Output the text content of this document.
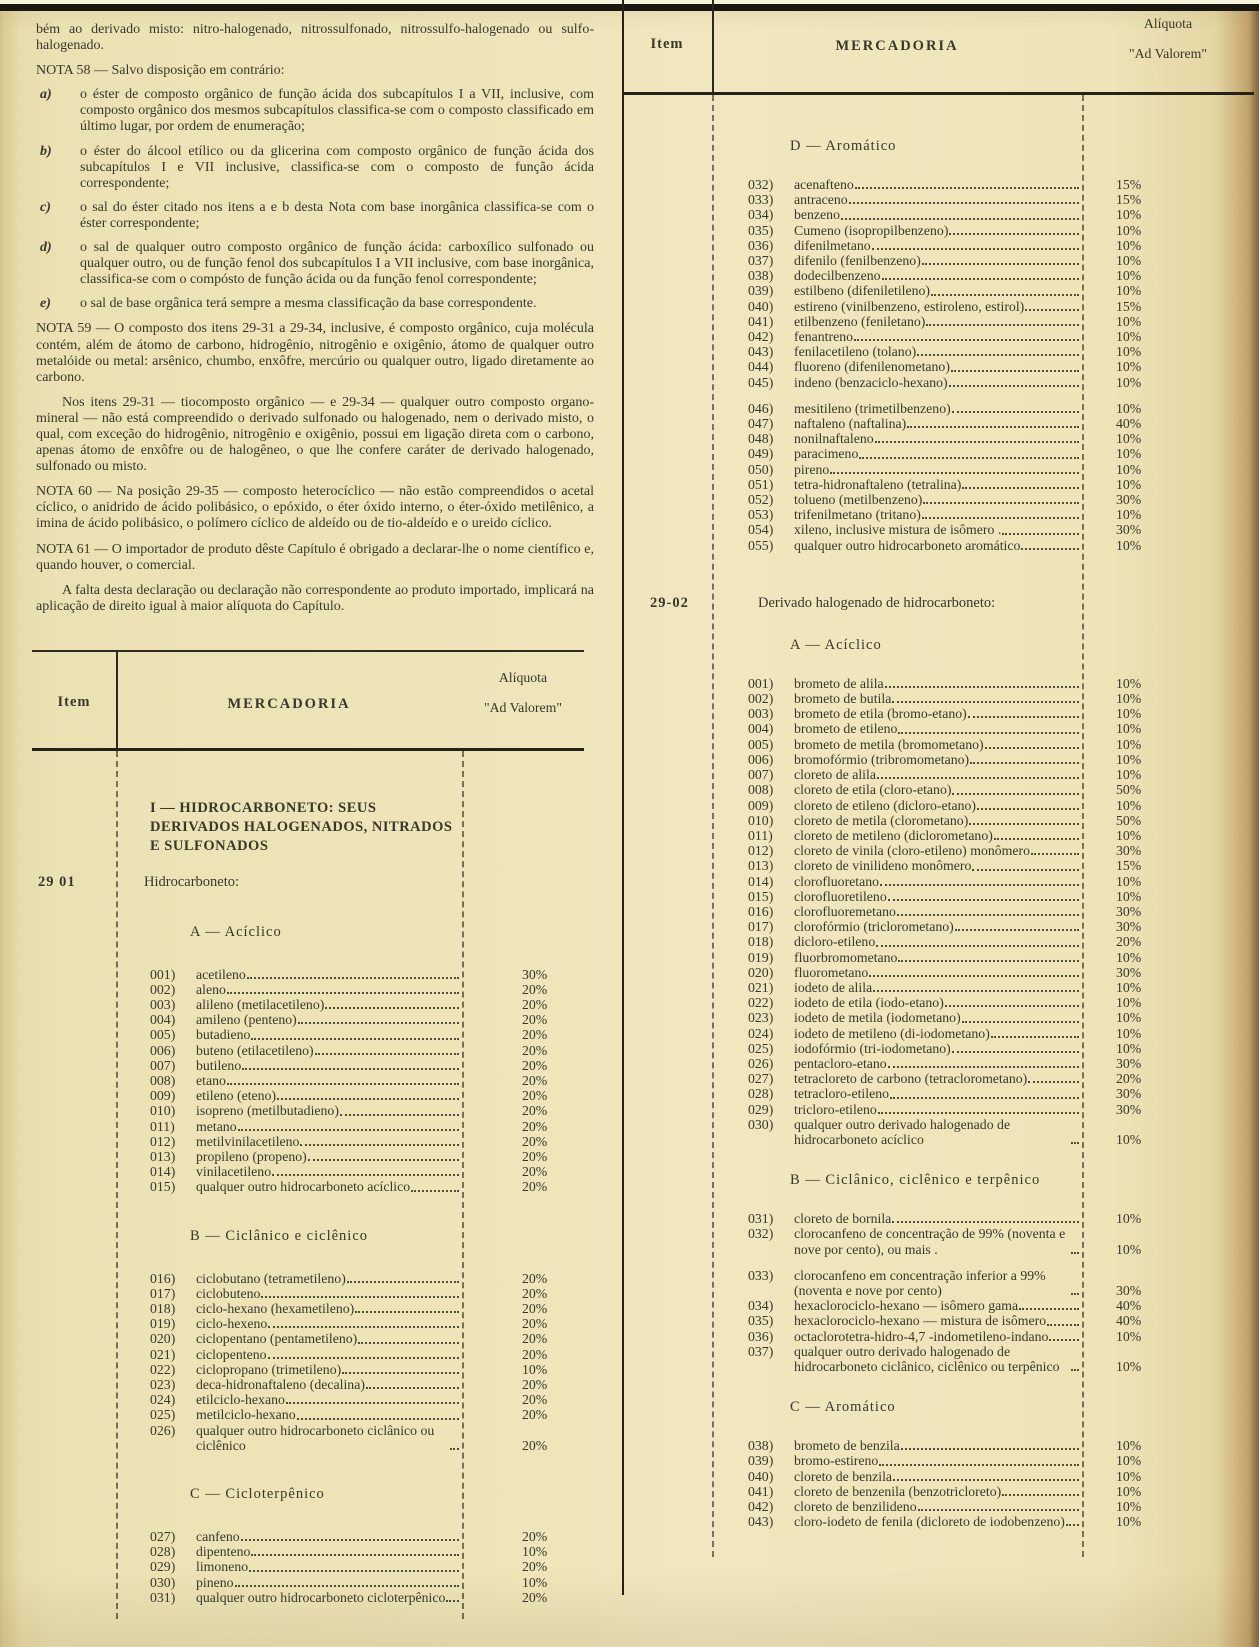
bém ao derivado misto: nitro-halogenado, nitrossulfonado, nitrossulfo-halogenado ou sulfo-halogenado.

NOTA 58 — Salvo disposição em contrário:

a)	o éster de composto orgânico de função ácida dos subcapítulos I a VII, inclusive, com composto orgânico dos mesmos subcapítulos classifica-se com o composto classificado em último lugar, por ordem de enumeração;
b)	o éster do álcool etílico ou da glicerina com composto orgânico de função ácida dos subcapítulos I e VII inclusive, classifica-se com o composto de função ácida correspondente;
c)	o sal do éster citado nos itens a e b desta Nota com base inorgânica classifica-se com o éster correspondente;
d)	o sal de qualquer outro composto orgânico de função ácida: carboxílico sulfonado ou qualquer outro, ou de função fenol dos subcapítulos I a VII inclusive, com base inorgânica, classifica-se com o compósto de função ácida ou da função fenol correspondente;
e)	o sal de base orgânica terá sempre a mesma classificação da base correspondente.

NOTA 59 — O composto dos itens 29-31 a 29-34, inclusive, é composto orgânico, cuja molécula contém, além de átomo de carbono, hidrogênio, nitrogênio e oxigênio, átomo de qualquer outro metalóide ou metal: arsênico, chumbo, enxôfre, mercúrio ou qualquer outro, ligado diretamente ao carbono.

Nos itens 29-31 — tiocomposto orgânico — e 29-34 — qualquer outro composto organo-mineral — não está compreendido o derivado sulfonado ou halogenado, nem o derivado misto, o qual, com exceção do hidrogênio, nitrogênio e oxigênio, possui em ligação direta com o carbono, apenas átomo de enxôfre ou de halogêneo, o que lhe confere caráter de derivado halogenado, sulfonado ou misto.

NOTA 60 — Na posição 29-35 — composto heterocíclico — não estão compreendidos o acetal cíclico, o anidrido de ácido polibásico, o epóxido, o éter óxido interno, o éter-óxido metilênico, a imina de ácido polibásico, o polímero cíclico de aldeído ou de tio-aldeído e o ureido cíclico.

NOTA 61 — O importador de produto dêste Capítulo é obrigado a declarar-lhe o nome científico e, quando houver, o comercial.

A falta desta declaração ou declaração não correspondente ao produto importado, implicará na aplicação de direito igual à maior alíquota do Capítulo.

Item	MERCADORIA
Alíquota
"Ad Valorem"
I — HIDROCARBONETO: SEUS DERIVADOS HALOGENADOS, NITRADOS E SULFONADOS
29 01	Hidrocarboneto:
A — Acíclico
001)	acetileno	30%
002)	aleno	20%
003)	alileno (metilacetileno)	20%
004)	amileno (penteno)	20%
005)	butadieno	20%
006)	buteno (etilacetileno)	20%
007)	butileno	20%
008)	etano	20%
009)	etileno (eteno)	20%
010)	isopreno (metilbutadieno)	20%
011)	metano	20%
012)	metilvinilacetileno	20%
013)	propileno (propeno)	20%
014)	vinilacetileno	20%
015)	qualquer outro hidrocarboneto acíclico	20%
B — Ciclânico e ciclênico
016)	ciclobutano (tetrametileno)	20%
017)	ciclobuteno	20%
018)	ciclo-hexano (hexametileno)	20%
019)	ciclo-hexeno	20%
020)	ciclopentano (pentametileno)	20%
021)	ciclopenteno	20%
022)	ciclopropano (trimetileno)	10%
023)	deca-hidronaftaleno (decalina)	20%
024)	etilciclo-hexano	20%
025)	metilciclo-hexano	20%
026)	qualquer outro hidrocarboneto ciclânico ou ciclênico	20%
C — Cicloterpênico
027)	canfeno	20%
028)	dipenteno	10%
029)	limoneno	20%
030)	pineno	10%
031)	qualquer outro hidrocarboneto cicloterpênico	20%
Item	MERCADORIA
Alíquota
"Ad Valorem"
D — Aromático
032)	acenafteno	15%
033)	antraceno	15%
034)	benzeno	10%
035)	Cumeno (isopropilbenzeno)	10%
036)	difenilmetano	10%
037)	difenilo (fenilbenzeno)	10%
038)	dodecilbenzeno	10%
039)	estilbeno (difeniletileno)	10%
040)	estireno (vinilbenzeno, estiroleno, estirol)	15%
041)	etilbenzeno (feniletano)	10%
042)	fenantreno	10%
043)	fenilacetileno (tolano)	10%
044)	fluoreno (difenilenometano)	10%
045)	indeno (benzaciclo-hexano)	10%
046)	mesitileno (trimetilbenzeno)	10%
047)	naftaleno (naftalina)	40%
048)	nonilnaftaleno	10%
049)	paracimeno	10%
050)	pireno	10%
051)	tetra-hidronaftaleno (tetralina)	10%
052)	tolueno (metilbenzeno)	30%
053)	trifenilmetano (tritano)	10%
054)	xileno, inclusive mistura de isômero .	30%
055)	qualquer outro hidrocarboneto aromático	10%
29-02	Derivado halogenado de hidrocarboneto:
A — Acíclico
001)	brometo de alila	10%
002)	brometo de butila	10%
003)	brometo de etila (bromo-etano)	10%
004)	brometo de etileno	10%
005)	brometo de metila (bromometano)	10%
006)	bromofórmio (tribromometano)	10%
007)	cloreto de alila	10%
008)	cloreto de etila (cloro-etano)	50%
009)	cloreto de etileno (dicloro-etano)	10%
010)	cloreto de metila (clorometano)	50%
011)	cloreto de metileno (diclorometano)	10%
012)	cloreto de vinila (cloro-etileno) monômero	30%
013)	cloreto de vinilideno monômero	15%
014)	clorofluoretano	10%
015)	clorofluoretileno	10%
016)	clorofluoremetano	30%
017)	clorofórmio (triclorometano)	30%
018)	dicloro-etileno	20%
019)	fluorbromometano	10%
020)	fluorometano	30%
021)	iodeto de alila	10%
022)	iodeto de etila (iodo-etano)	10%
023)	iodeto de metila (iodometano)	10%
024)	iodeto de metileno (di-iodometano)	10%
025)	iodofórmio (tri-iodometano)	10%
026)	pentacloro-etano	30%
027)	tetracloreto de carbono (tetraclorometano)	20%
028)	tetracloro-etileno	30%
029)	tricloro-etileno	30%
030)	qualquer outro derivado halogenado de hidrocarboneto acíclico	10%
B — Ciclânico, ciclênico e terpênico
031)	cloreto de bornila	10%
032)	clorocanfeno de concentração de 99% (noventa e nove por cento), ou mais .	10%
033)	clorocanfeno em concentração inferior a 99% (noventa e nove por cento)	30%
034)	hexaclorociclo-hexano — isômero gama	40%
035)	hexaclorociclo-hexano — mistura de isômero	40%
036)	octaclorotetra-hidro-4,7 -indometileno-indano	10%
037)	qualquer outro derivado halogenado de hidrocarboneto ciclânico, ciclênico ou terpênico	10%
C — Aromático
038)	brometo de benzila	10%
039)	bromo-estireno	10%
040)	cloreto de benzila	10%
041)	cloreto de benzenila (benzotricloreto)	10%
042)	cloreto de benzilideno	10%
043)	cloro-iodeto de fenila (dicloreto de iodobenzeno)	10%
